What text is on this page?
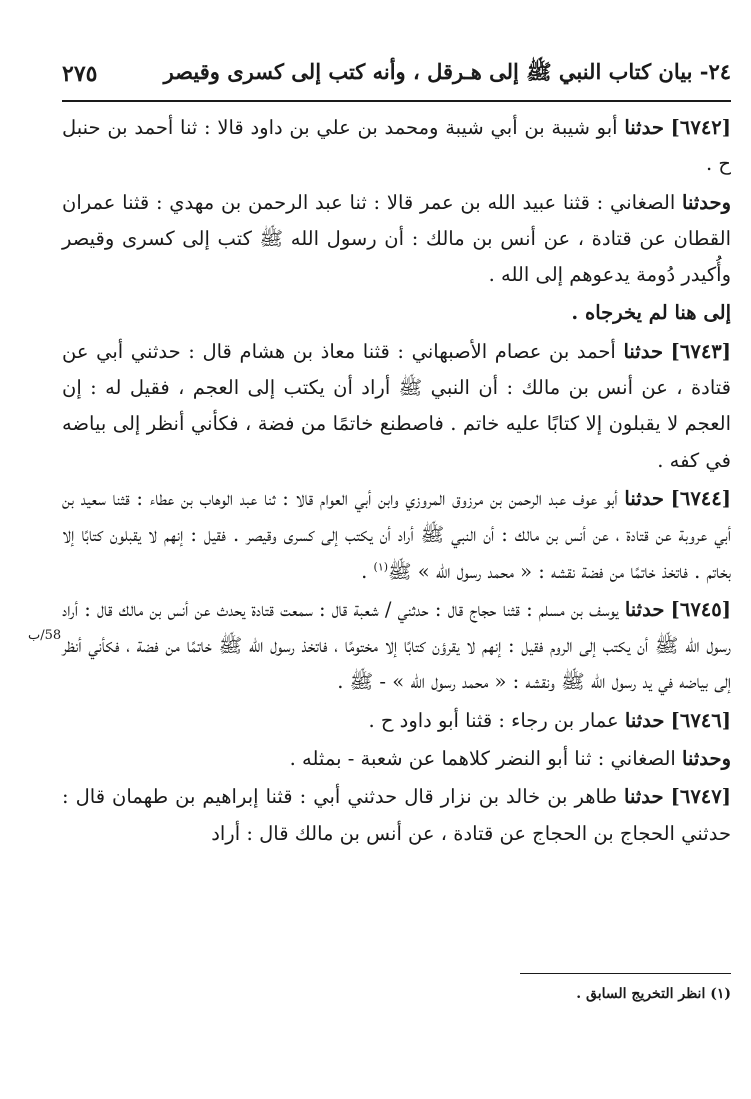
٢٤- بيان كتاب النبي ﷺ إلى هـرقل ، وأنه كتب إلى كسرى وقيصر
٢٧٥
58/ب

[٦٧٤٢] حدثنا أبو شيبة بن أبي شيبة ومحمد بن علي بن داود قالا : ثنا أحمد بن حنبل ح .

وحدثنا الصغاني : قثنا عبيد الله بن عمر قالا : ثنا عبد الرحمن بن مهدي : قثنا عمران القطان عن قتادة ، عن أنس بن مالك : أن رسول الله ﷺ كتب إلى كسرى وقيصر وأُكيدر دُومة يدعوهم إلى الله .

إلى هنا لم يخرجاه .

[٦٧٤٣] حدثنا أحمد بن عصام الأصبهاني : قثنا معاذ بن هشام قال : حدثني أبي عن قتادة ، عن أنس بن مالك : أن النبي ﷺ أراد أن يكتب إلى العجم ، فقيل له : إن العجم لا يقبلون إلا كتابًا عليه خاتم . فاصطنع خاتمًا من فضة ، فكأني أنظر إلى بياضه في كفه .

[٦٧٤٤] حدثنا أبو عوف عبد الرحمن بن مرزوق المروزي وابن أبي العوام قالا : ثنا عبد الوهاب بن عطاء : قثنا سعيد بن أبي عروبة عن قتادة ، عن أنس بن مالك : أن النبي ﷺ أراد أن يكتب إلى كسرى وقيصر . فقيل : إنهم لا يقبلون كتابًا إلا بخاتم . فاتخذ خاتمًا من فضة نقشه : « محمد رسول الله » ﷺ$^{(١)}$ .

[٦٧٤٥] حدثنا يوسف بن مسلم : قثنا حجاج قال : حدثني / شعبة قال : سمعت قتادة يحدث عن أنس بن مالك قال : أراد رسول الله ﷺ أن يكتب إلى الروم فقيل : إنهم لا يقرؤن كتابًا إلا مختومًا ، فاتخذ رسول الله ﷺ خاتمًا من فضة ، فكأني أنظر إلى بياضه في يد رسول الله ﷺ ونقشه : « محمد رسول الله » - ﷺ .

[٦٧٤٦] حدثنا عمار بن رجاء : قثنا أبو داود ح .

وحدثنا الصغاني : ثنا أبو النضر كلاهما عن شعبة - بمثله .

[٦٧٤٧] حدثنا طاهر بن خالد بن نزار قال حدثني أبي : قثنا إبراهيم بن طهمان قال : حدثني الحجاج بن الحجاج عن قتادة ، عن أنس بن مالك قال : أراد

(١) انظر التخريج السابق .
